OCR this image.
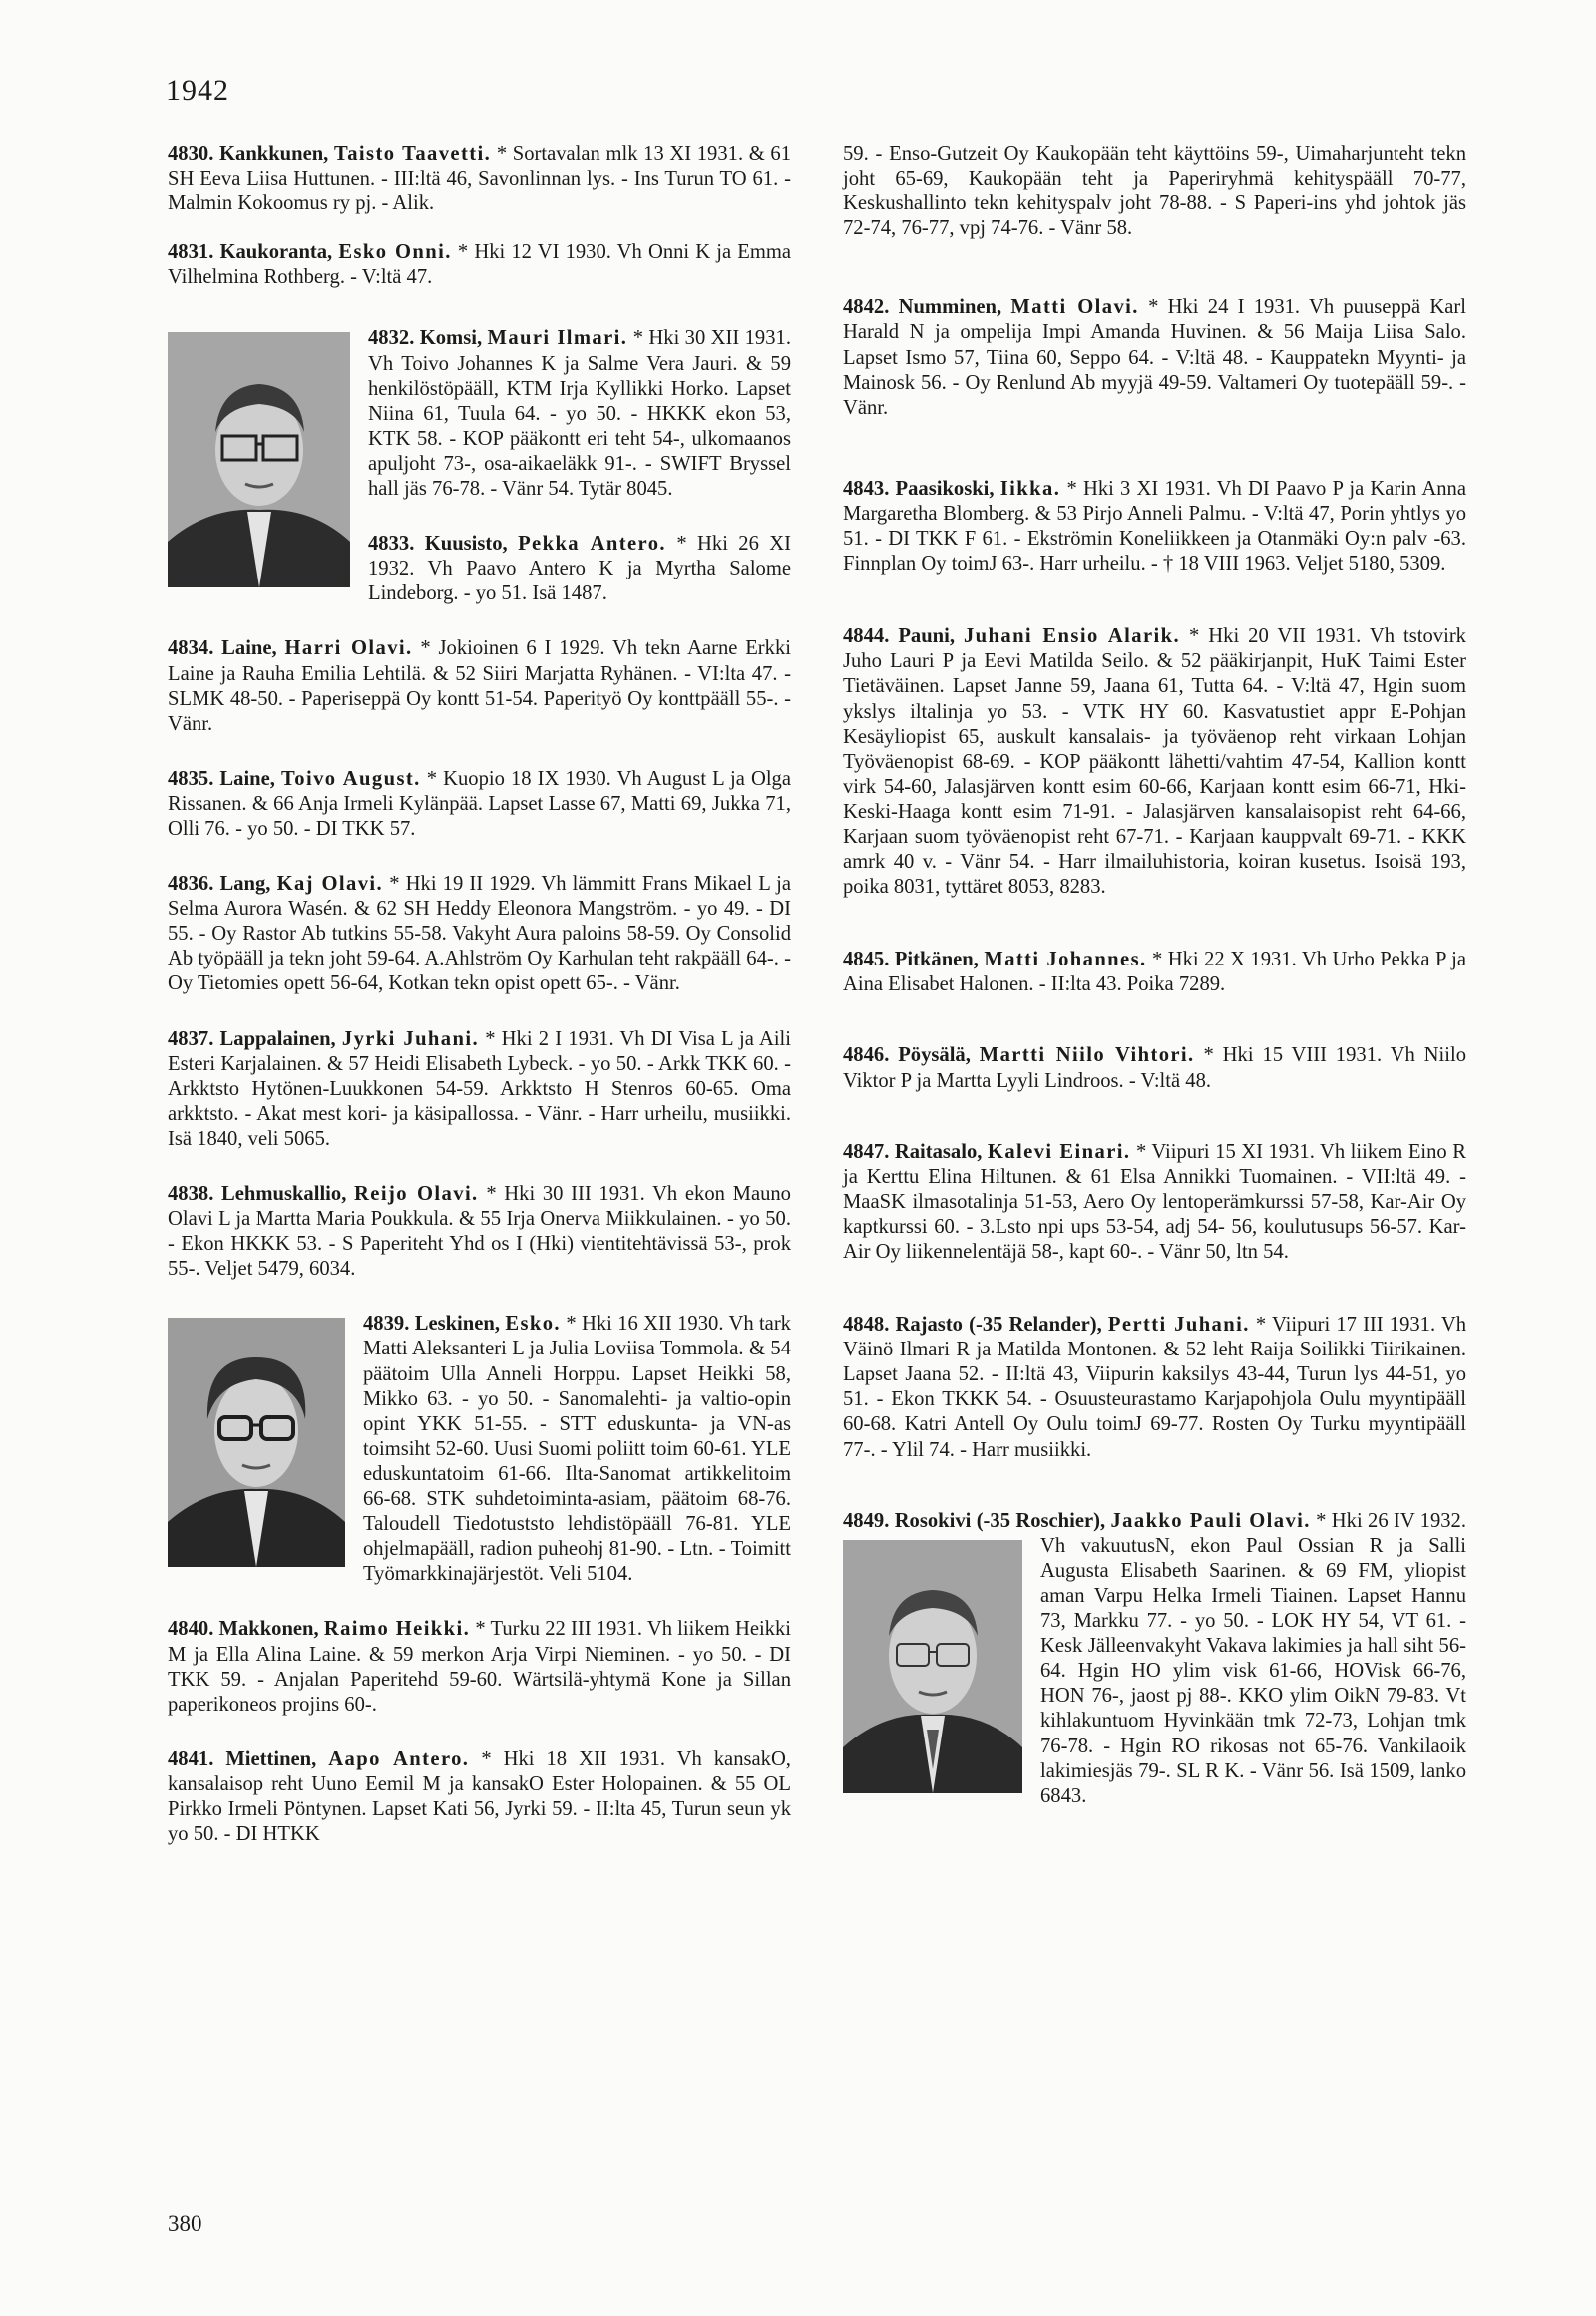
1942

4830. Kankkunen, Taisto Taavetti. * Sortavalan mlk 13 XI 1931. & 61 SH Eeva Liisa Huttunen. - III:ltä 46, Savonlinnan lys. - Ins Turun TO 61. - Malmin Kokoomus ry pj. - Alik.

4831. Kaukoranta, Esko Onni. * Hki 12 VI 1930. Vh Onni K ja Emma Vilhelmina Rothberg. - V:ltä 47.

4832. Komsi, Mauri Ilmari. * Hki 30 XII 1931. Vh Toivo Johannes K ja Salme Vera Jauri. & 59 henkilöstöpääll, KTM Irja Kyllikki Horko. Lapset Niina 61, Tuula 64. - yo 50. - HKKK ekon 53, KTK 58. - KOP pääkontt eri teht 54-, ulkomaanos apuljoht 73-, osa-aikaeläkk 91-. - SWIFT Bryssel hall jäs 76-78. - Vänr 54. Tytär 8045.

4833. Kuusisto, Pekka Antero. * Hki 26 XI 1932. Vh Paavo Antero K ja Myrtha Salome Lindeborg. - yo 51. Isä 1487.

4834. Laine, Harri Olavi. * Jokioinen 6 I 1929. Vh tekn Aarne Erkki Laine ja Rauha Emilia Lehtilä. & 52 Siiri Marjatta Ryhänen. - VI:lta 47. - SLMK 48-50. - Paperiseppä Oy kontt 51-54. Paperityö Oy konttpääll 55-. - Vänr.

4835. Laine, Toivo August. * Kuopio 18 IX 1930. Vh August L ja Olga Rissanen. & 66 Anja Irmeli Kylänpää. Lapset Lasse 67, Matti 69, Jukka 71, Olli 76. - yo 50. - DI TKK 57.

4836. Lang, Kaj Olavi. * Hki 19 II 1929. Vh lämmitt Frans Mikael L ja Selma Aurora Wasén. & 62 SH Heddy Eleonora Mangström. - yo 49. - DI 55. - Oy Rastor Ab tutkins 55-58. Vakyht Aura paloins 58-59. Oy Consolid Ab työpääll ja tekn joht 59-64. A.Ahlström Oy Karhulan teht rakpääll 64-. - Oy Tietomies opett 56-64, Kotkan tekn opist opett 65-. - Vänr.

4837. Lappalainen, Jyrki Juhani. * Hki 2 I 1931. Vh DI Visa L ja Aili Esteri Karjalainen. & 57 Heidi Elisabeth Lybeck. - yo 50. - Arkk TKK 60. - Arkktsto Hytönen-Luukkonen 54-59. Arkktsto H Stenros 60-65. Oma arkktsto. - Akat mest kori- ja käsipallossa. - Vänr. - Harr urheilu, musiikki. Isä 1840, veli 5065.

4838. Lehmuskallio, Reijo Olavi. * Hki 30 III 1931. Vh ekon Mauno Olavi L ja Martta Maria Poukkula. & 55 Irja Onerva Miikkulainen. - yo 50. - Ekon HKKK 53. - S Paperiteht Yhd os I (Hki) vientitehtävissä 53-, prok 55-. Veljet 5479, 6034.

4839. Leskinen, Esko. * Hki 16 XII 1930. Vh tark Matti Aleksanteri L ja Julia Loviisa Tommola. & 54 päätoim Ulla Anneli Horppu. Lapset Heikki 58, Mikko 63. - yo 50. - Sanomalehti- ja valtio-opin opint YKK 51-55. - STT eduskunta- ja VN-as toimsiht 52-60. Uusi Suomi poliitt toim 60-61. YLE eduskuntatoim 61-66. Ilta-Sanomat artikkelitoim 66-68. STK suhdetoiminta-asiam, päätoim 68-76. Taloudell Tiedotuststo lehdistöpääll 76-81. YLE ohjelmapääll, radion puheohj 81-90. - Ltn. - Toimitt Työmarkkinajärjestöt. Veli 5104.

4840. Makkonen, Raimo Heikki. * Turku 22 III 1931. Vh liikem Heikki M ja Ella Alina Laine. & 59 merkon Arja Virpi Nieminen. - yo 50. - DI TKK 59. - Anjalan Paperitehd 59-60. Wärtsilä-yhtymä Kone ja Sillan paperikoneos projins 60-.

4841. Miettinen, Aapo Antero. * Hki 18 XII 1931. Vh kansakO, kansalaisop reht Uuno Eemil M ja kansakO Ester Holopainen. & 55 OL Pirkko Irmeli Pöntynen. Lapset Kati 56, Jyrki 59. - II:lta 45, Turun seun yk yo 50. - DI HTKK

59. - Enso-Gutzeit Oy Kaukopään teht käyttöins 59-, Uimaharjunteht tekn joht 65-69, Kaukopään teht ja Paperiryhmä kehityspääll 70-77, Keskushallinto tekn kehityspalv joht 78-88. - S Paperi-ins yhd johtok jäs 72-74, 76-77, vpj 74-76. - Vänr 58.

4842. Numminen, Matti Olavi. * Hki 24 I 1931. Vh puuseppä Karl Harald N ja ompelija Impi Amanda Huvinen. & 56 Maija Liisa Salo. Lapset Ismo 57, Tiina 60, Seppo 64. - V:ltä 48. - Kauppatekn Myynti- ja Mainosk 56. - Oy Renlund Ab myyjä 49-59. Valtameri Oy tuotepääll 59-. - Vänr.

4843. Paasikoski, Iikka. * Hki 3 XI 1931. Vh DI Paavo P ja Karin Anna Margaretha Blomberg. & 53 Pirjo Anneli Palmu. - V:ltä 47, Porin yhtlys yo 51. - DI TKK F 61. - Ekströmin Koneliikkeen ja Otanmäki Oy:n palv -63. Finnplan Oy toimJ 63-. Harr urheilu. - † 18 VIII 1963. Veljet 5180, 5309.

4844. Pauni, Juhani Ensio Alarik. * Hki 20 VII 1931. Vh tstovirk Juho Lauri P ja Eevi Matilda Seilo. & 52 pääkirjanpit, HuK Taimi Ester Tietäväinen. Lapset Janne 59, Jaana 61, Tutta 64. - V:ltä 47, Hgin suom ykslys iltalinja yo 53. - VTK HY 60. Kasvatustiet appr E-Pohjan Kesäyliopist 65, auskult kansalais- ja työväenop reht virkaan Lohjan Työväenopist 68-69. - KOP pääkontt lähetti/vahtim 47-54, Kallion kontt virk 54-60, Jalasjärven kontt esim 60-66, Karjaan kontt esim 66-71, Hki-Keski-Haaga kontt esim 71-91. - Jalasjärven kansalaisopist reht 64-66, Karjaan suom työväenopist reht 67-71. - Karjaan kauppvalt 69-71. - KKK amrk 40 v. - Vänr 54. - Harr ilmailuhistoria, koiran kusetus. Isoisä 193, poika 8031, tyttäret 8053, 8283.

4845. Pitkänen, Matti Johannes. * Hki 22 X 1931. Vh Urho Pekka P ja Aina Elisabet Halonen. - II:lta 43. Poika 7289.

4846. Pöysälä, Martti Niilo Vihtori. * Hki 15 VIII 1931. Vh Niilo Viktor P ja Martta Lyyli Lindroos. - V:ltä 48.

4847. Raitasalo, Kalevi Einari. * Viipuri 15 XI 1931. Vh liikem Eino R ja Kerttu Elina Hiltunen. & 61 Elsa Annikki Tuomainen. - VII:ltä 49. - MaaSK ilmasotalinja 51-53, Aero Oy lentoperämkurssi 57-58, Kar-Air Oy kaptkurssi 60. - 3.Lsto npi ups 53-54, adj 54- 56, koulutusups 56-57. Kar-Air Oy liikennelentäjä 58-, kapt 60-. - Vänr 50, ltn 54.

4848. Rajasto (-35 Relander), Pertti Juhani. * Viipuri 17 III 1931. Vh Väinö Ilmari R ja Matilda Montonen. & 52 leht Raija Soilikki Tiirikainen. Lapset Jaana 52. - II:ltä 43, Viipurin kaksilys 43-44, Turun lys 44-51, yo 51. - Ekon TKKK 54. - Osuusteurastamo Karjapohjola Oulu myyntipääll 60-68. Katri Antell Oy Oulu toimJ 69-77. Rosten Oy Turku myyntipääll 77-. - Ylil 74. - Harr musiikki.

4849. Rosokivi (-35 Roschier), Jaakko Pauli Olavi. * Hki 26 IV 1932. Vh vakuutusN, ekon Paul Ossian R ja Salli Augusta Elisabeth Saarinen. & 69 FM, yliopist aman Varpu Helka Irmeli Tiainen. Lapset Hannu 73, Markku 77. - yo 50. - LOK HY 54, VT 61. - Kesk Jälleenvakyht Vakava lakimies ja hall siht 56-64. Hgin HO ylim visk 61-66, HOVisk 66-76, HON 76-, jaost pj 88-. KKO ylim OikN 79-83. Vt kihlakuntuom Hyvinkään tmk 72-73, Lohjan tmk 76-78. - Hgin RO rikosas not 65-76. Vankilaoik lakimiesjäs 79-. SL R K. - Vänr 56. Isä 1509, lanko 6843.

380
